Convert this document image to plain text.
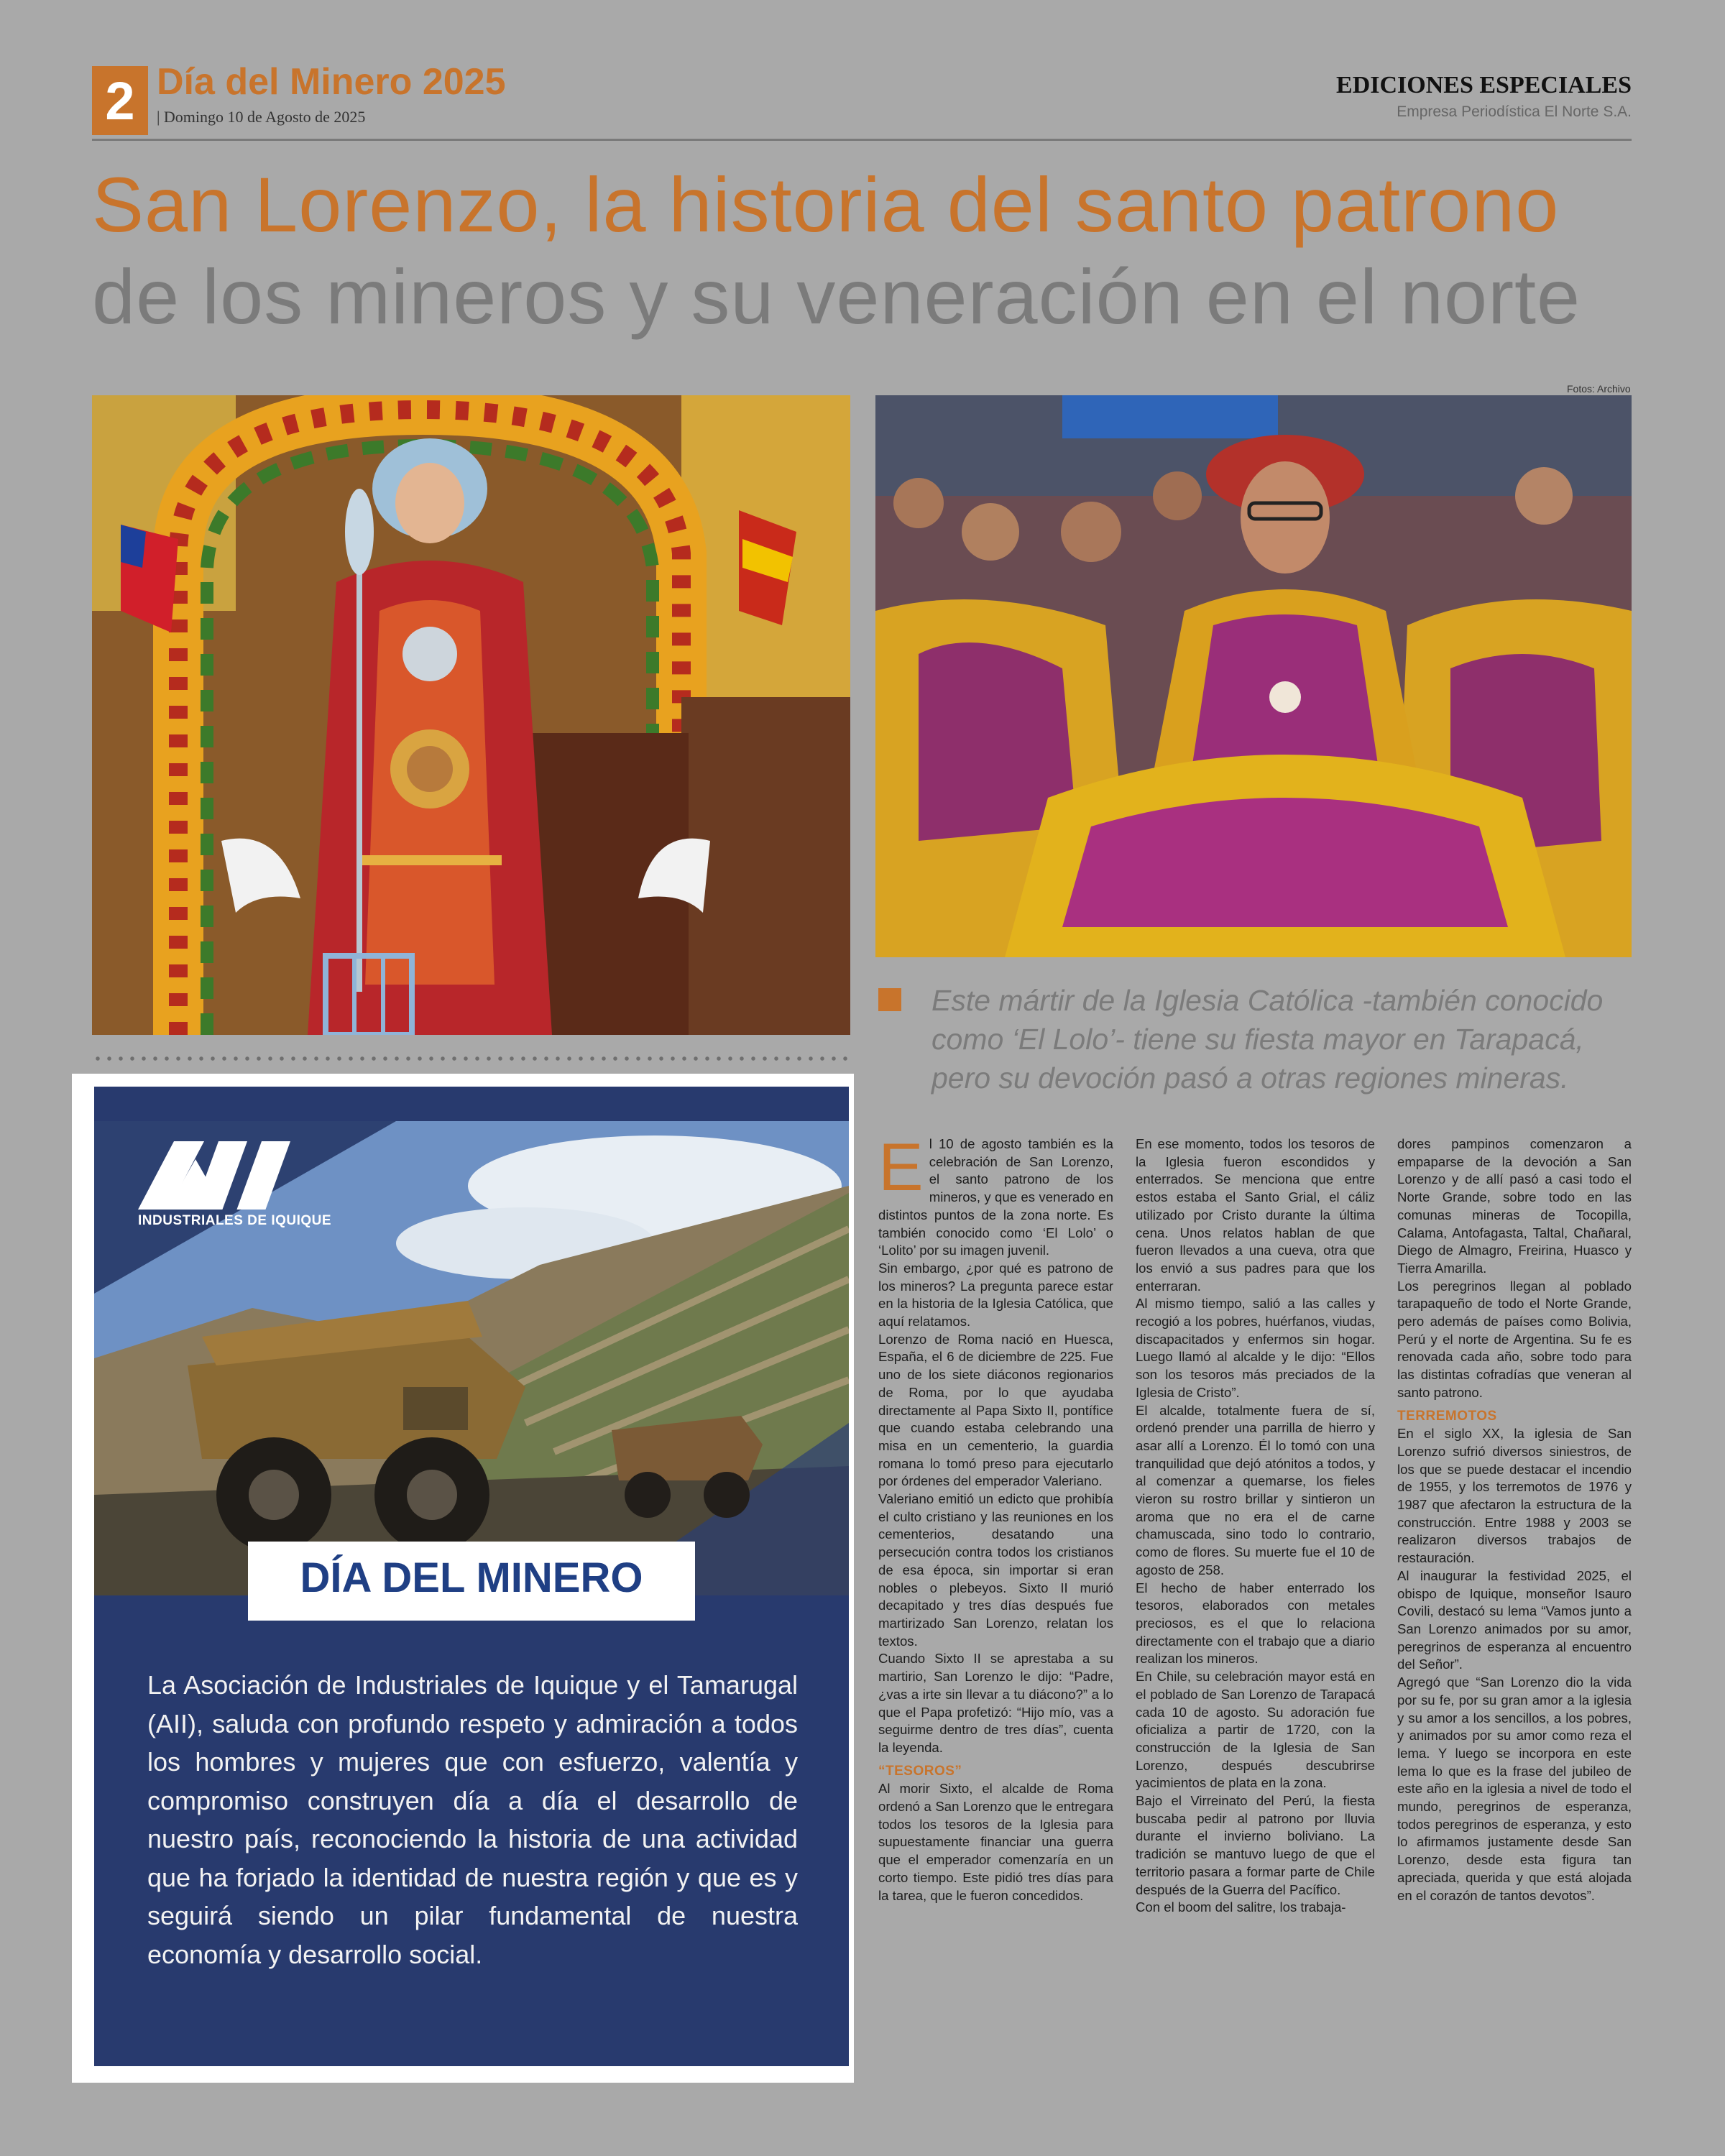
2 Día del Minero 2025
| Domingo 10 de Agosto de 2025
EDICIONES ESPECIALES
Empresa Periodística El Norte S.A.
San Lorenzo, la historia del santo patrono
de los mineros y su veneración en el norte
Fotos: Archivo
Este mártir de la Iglesia Católica -también conocido como ‘El Lolo’- tiene su fiesta mayor en Tarapacá, pero su devoción pasó a otras regiones mineras.
INDUSTRIALES DE IQUIQUE
DÍA DEL MINERO
La Asociación de Industriales de Iquique y el Tamarugal (AII), saluda con profundo respeto y admiración a todos los hombres y mujeres que con esfuerzo, valentía y compromiso construyen día a día el desarrollo de nuestro país, reconociendo la historia de una actividad que ha forjado la identidad de nuestra región y que es y seguirá siendo un pilar fundamental de nuestra economía y desarrollo social.

El 10 de agosto también es la celebración de San Lorenzo, el santo patrono de los mineros, y que es venerado en distintos puntos de la zona norte. Es también conocido como ‘El Lolo’ o ‘Lolito’ por su imagen juvenil.

Sin embargo, ¿por qué es patrono de los mineros? La pregunta parece estar en la historia de la Iglesia Católica, que aquí relatamos.

Lorenzo de Roma nació en Huesca, España, el 6 de diciembre de 225. Fue uno de los siete diáconos regionarios de Roma, por lo que ayudaba directamente al Papa Sixto II, pontífice que cuando estaba celebrando una misa en un cementerio, la guardia romana lo tomó preso para ejecutarlo por órdenes del emperador Valeriano.

Valeriano emitió un edicto que prohibía el culto cristiano y las reuniones en los cementerios, desatando una persecución contra todos los cristianos de esa época, sin importar si eran nobles o plebeyos. Sixto II murió decapitado y tres días después fue martirizado San Lorenzo, relatan los textos.

Cuando Sixto II se aprestaba a su martirio, San Lorenzo le dijo: “Padre, ¿vas a irte sin llevar a tu diácono?” a lo que el Papa profetizó: “Hijo mío, vas a seguirme dentro de tres días”, cuenta la leyenda.

“TESOROS”

Al morir Sixto, el alcalde de Roma ordenó a San Lorenzo que le entregara todos los tesoros de la Iglesia para supuestamente financiar una guerra que el emperador comenzaría en un corto tiempo. Este pidió tres días para la tarea, que le fueron concedidos.

En ese momento, todos los tesoros de la Iglesia fueron escondidos y enterrados. Se menciona que entre estos estaba el Santo Grial, el cáliz utilizado por Cristo durante la última cena. Unos relatos hablan de que fueron llevados a una cueva, otra que los envió a sus padres para que los enterraran.

Al mismo tiempo, salió a las calles y recogió a los pobres, huérfanos, viudas, discapacitados y enfermos sin hogar. Luego llamó al alcalde y le dijo: “Ellos son los tesoros más preciados de la Iglesia de Cristo”.

El alcalde, totalmente fuera de sí, ordenó prender una parrilla de hierro y asar allí a Lorenzo. Él lo tomó con una tranquilidad que dejó atónitos a todos, y al comenzar a quemarse, los fieles vieron su rostro brillar y sintieron un aroma que no era el de carne chamuscada, sino todo lo contrario, como de flores. Su muerte fue el 10 de agosto de 258.

El hecho de haber enterrado los tesoros, elaborados con metales preciosos, es el que lo relaciona directamente con el trabajo que a diario realizan los mineros.

En Chile, su celebración mayor está en el poblado de San Lorenzo de Tarapacá cada 10 de agosto. Su adoración fue oficializa a partir de 1720, con la construcción de la Iglesia de San Lorenzo, después descubrirse yacimientos de plata en la zona.

Bajo el Virreinato del Perú, la fiesta buscaba pedir al patrono por lluvia durante el invierno boliviano. La tradición se mantuvo luego de que el territorio pasara a formar parte de Chile después de la Guerra del Pacífico.

Con el boom del salitre, los trabaja-

dores pampinos comenzaron a empaparse de la devoción a San Lorenzo y de allí pasó a casi todo el Norte Grande, sobre todo en las comunas mineras de Tocopilla, Calama, Antofagasta, Taltal, Chañaral, Diego de Almagro, Freirina, Huasco y Tierra Amarilla.

Los peregrinos llegan al poblado tarapaqueño de todo el Norte Grande, pero además de países como Bolivia, Perú y el norte de Argentina. Su fe es renovada cada año, sobre todo para las distintas cofradías que veneran al santo patrono.

TERREMOTOS

En el siglo XX, la iglesia de San Lorenzo sufrió diversos siniestros, de los que se puede destacar el incendio de 1955, y los terremotos de 1976 y 1987 que afectaron la estructura de la construcción. Entre 1988 y 2003 se realizaron diversos trabajos de restauración.

Al inaugurar la festividad 2025, el obispo de Iquique, monseñor Isauro Covili, destacó su lema “Vamos junto a San Lorenzo animados por su amor, peregrinos de esperanza al encuentro del Señor”.

Agregó que “San Lorenzo dio la vida por su fe, por su gran amor a la iglesia y su amor a los sencillos, a los pobres, y animados por su amor como reza el lema. Y luego se incorpora en este lema lo que es la frase del jubileo de este año en la iglesia a nivel de todo el mundo, peregrinos de esperanza, todos peregrinos de esperanza, y esto lo afirmamos justamente desde San Lorenzo, desde esta figura tan apreciada, querida y que está alojada en el corazón de tantos devotos”.
